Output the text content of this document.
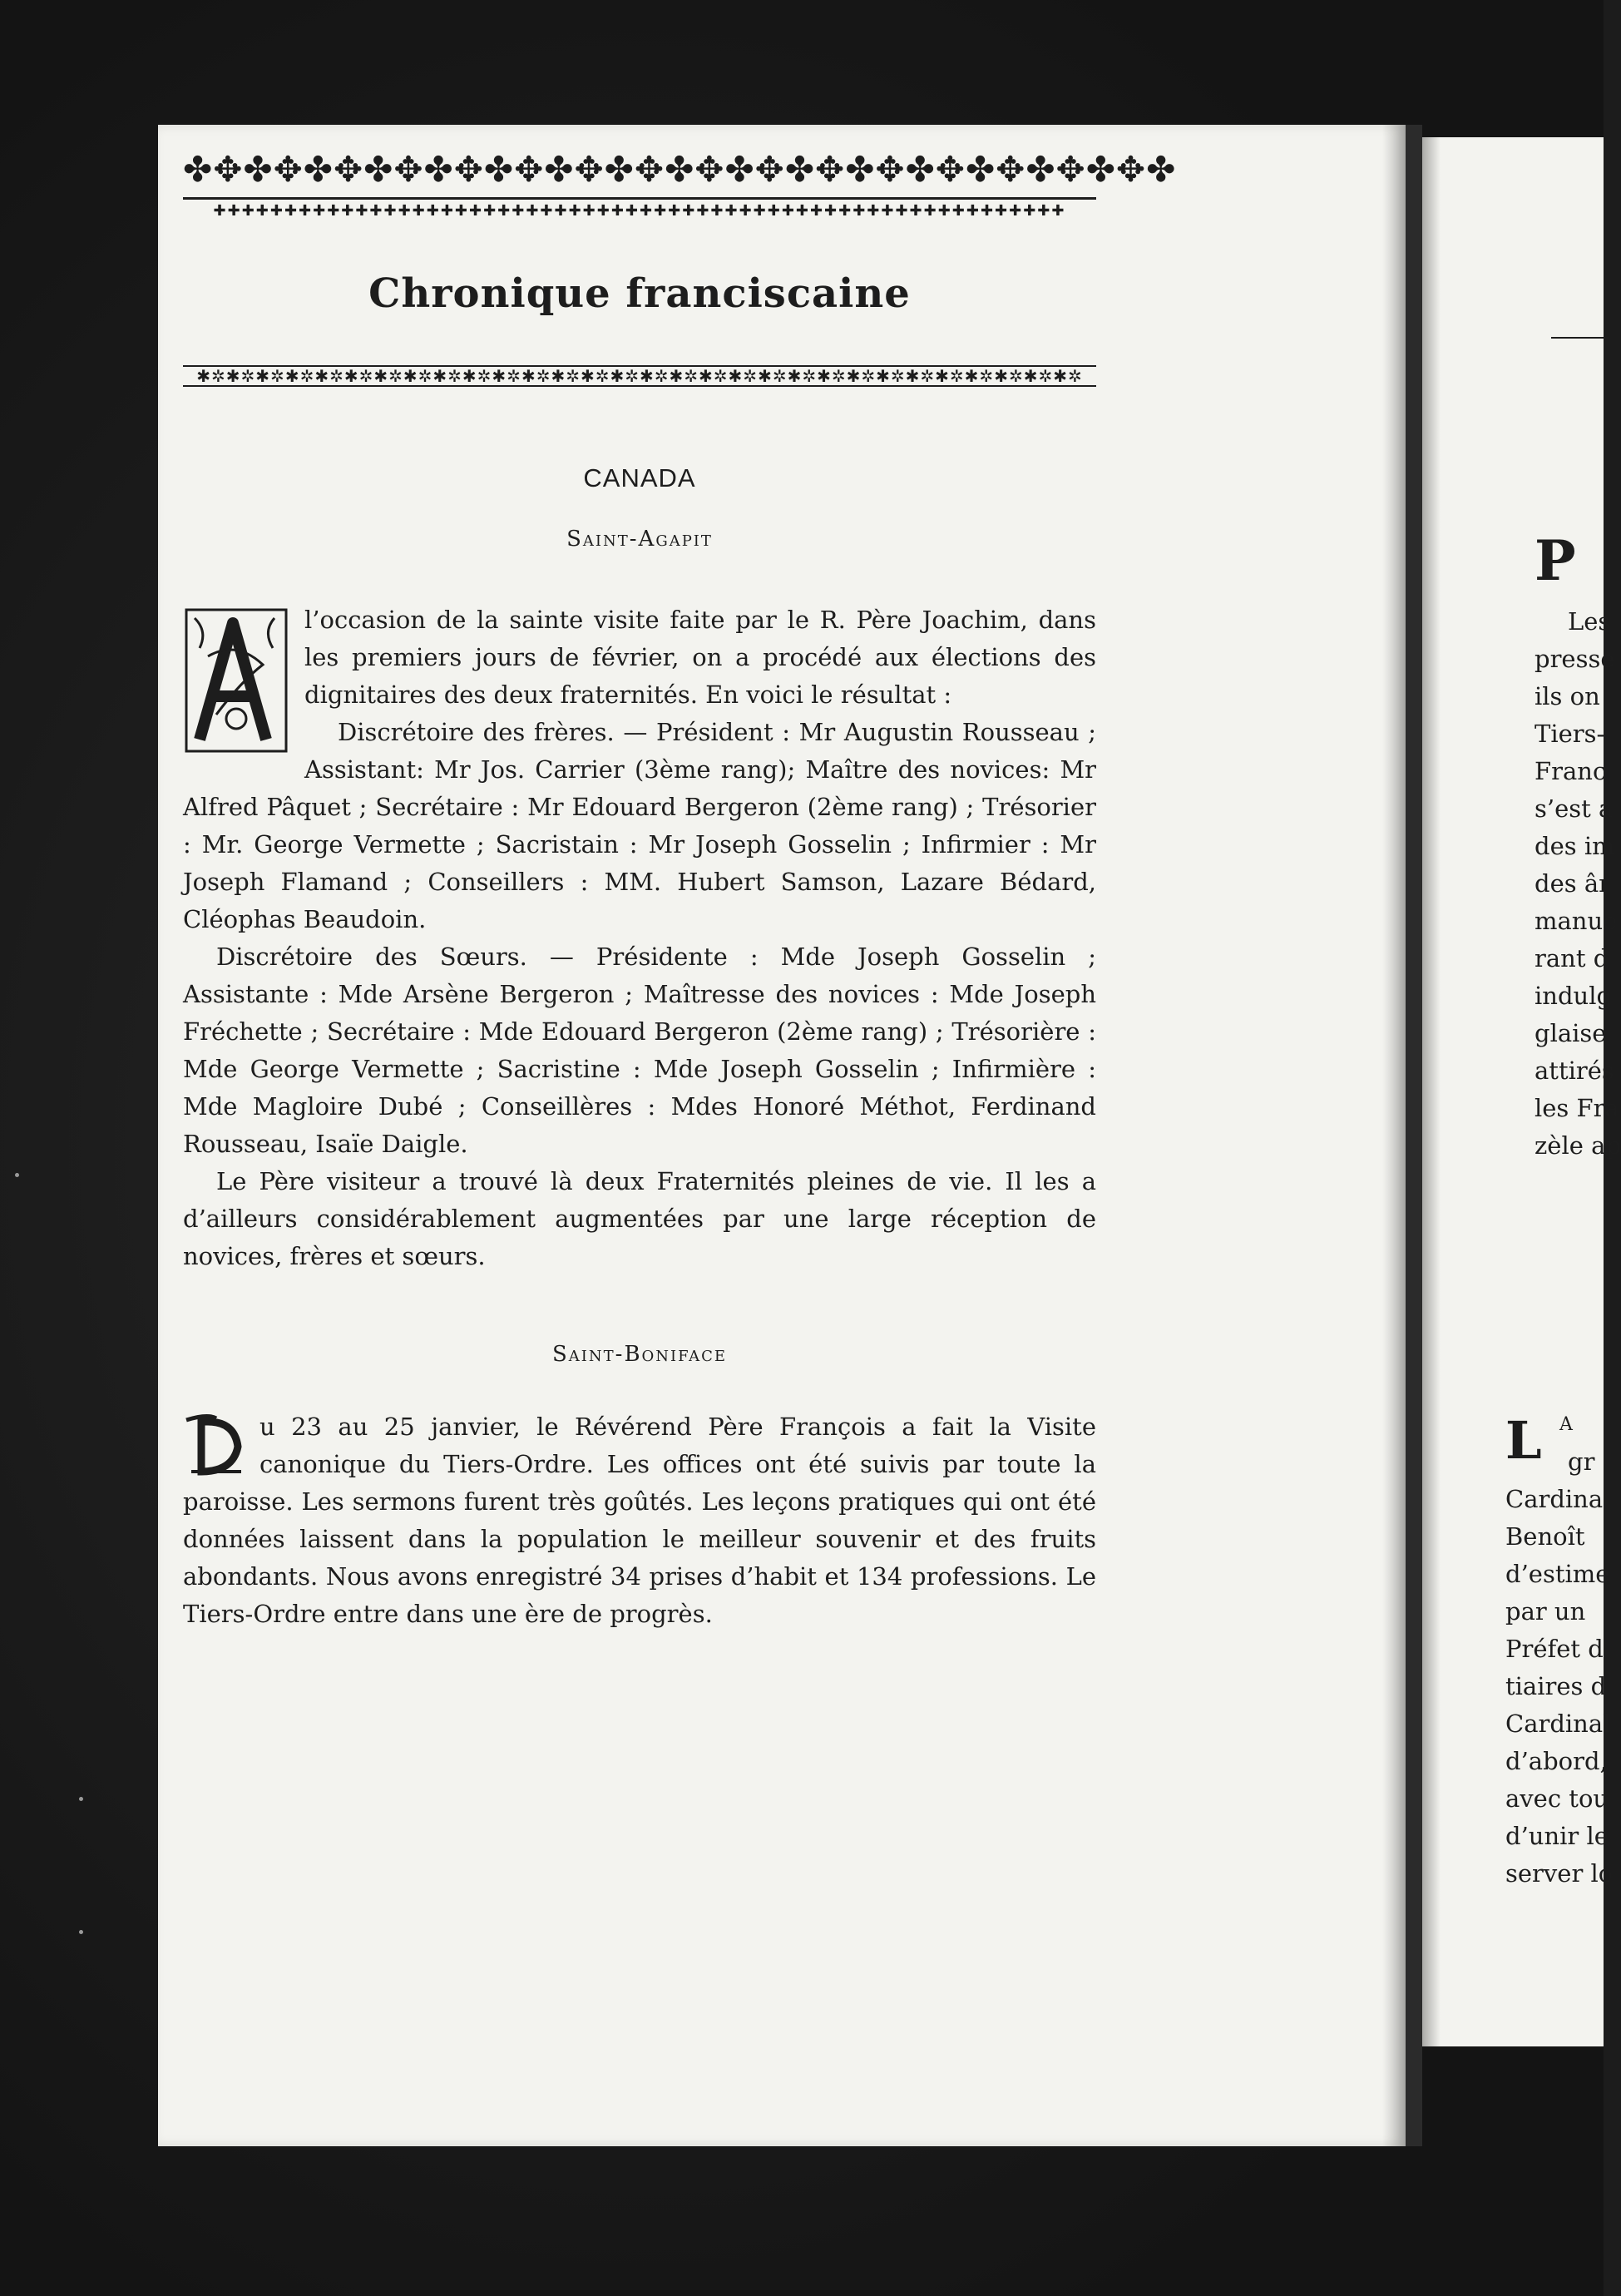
✤✥✤✥✤✥✤✥✤✥✤✥✤✥✤✥✤✥✤✥✤✥✤✥✤✥✤✥✤✥✤✥✤
✚✚✚✚✚✚✚✚✚✚✚✚✚✚✚✚✚✚✚✚✚✚✚✚✚✚✚✚✚✚✚✚✚✚✚✚✚✚✚✚✚✚✚✚✚✚✚✚✚✚✚✚✚✚✚✚✚✚✚✚
Chronique franciscaine
✱✲✱✲✱✲✱✲✱✲✱✲✱✲✱✲✱✲✱✲✱✲✱✲✱✲✱✲✱✲✱✲✱✲✱✲✱✲✱✲✱✲✱✲✱✲✱✲✱✲✱✲✱✲✱✲✱✲✱✲
CANADA
Saint-Agapit

l’occasion de la sainte visite faite par le R. Père Joachim, dans les premiers jours de février, on a procédé aux élections des dignitaires des deux fraternités. En voici le résultat :

Discrétoire des frères. — Président : Mr Augustin Rousseau ; Assistant: Mr Jos. Carrier (3ème rang); Maître des novices: Mr Alfred Pâquet ; Secrétaire : Mr Edouard Bergeron (2ème rang) ; Trésorier : Mr. George Vermette ; Sacristain : Mr Joseph Gosselin ; Infirmier : Mr Joseph Flamand ; Conseillers : MM. Hubert Samson, Lazare Bédard, Cléophas Beaudoin.

Discrétoire des Sœurs. — Présidente : Mde Joseph Gosselin ; Assistante : Mde Arsène Bergeron ; Maîtresse des novices : Mde Joseph Fréchette ; Secrétaire : Mde Edouard Bergeron (2ème rang) ; Trésorière : Mde George Vermette ; Sacristine : Mde Joseph Gosselin ; Infirmière : Mde Magloire Dubé ; Conseillères : Mdes Honoré Méthot, Ferdinand Rousseau, Isaïe Daigle.

Le Père visiteur a trouvé là deux Fraternités pleines de vie. Il les a d’ailleurs considérablement augmentées par une large réception de novices, frères et sœurs.

Saint-Boniface

u 23 au 25 janvier, le Révérend Père François a fait la Visite canonique du Tiers-Ordre. Les offices ont été suivis par toute la paroisse. Les sermons furent très goûtés. Les leçons pratiques qui ont été données laissent dans la population le meilleur souvenir et des fruits abondants. Nous avons enregistré 34 prises d’habit et 134 professions. Le Tiers-Ordre entre dans une ère de progrès.

P
Les
presse
ils on
Tiers-
Franc
s’est a
des im
des âr
manue
rant d
indulg
glaise
attirés
les Fra
zèle ap
L A
gr
Cardina
Benoît
d’estime
par un
Préfet d
tiaires d
Cardinal
d’abord,
avec tou
d’unir le
server lo
